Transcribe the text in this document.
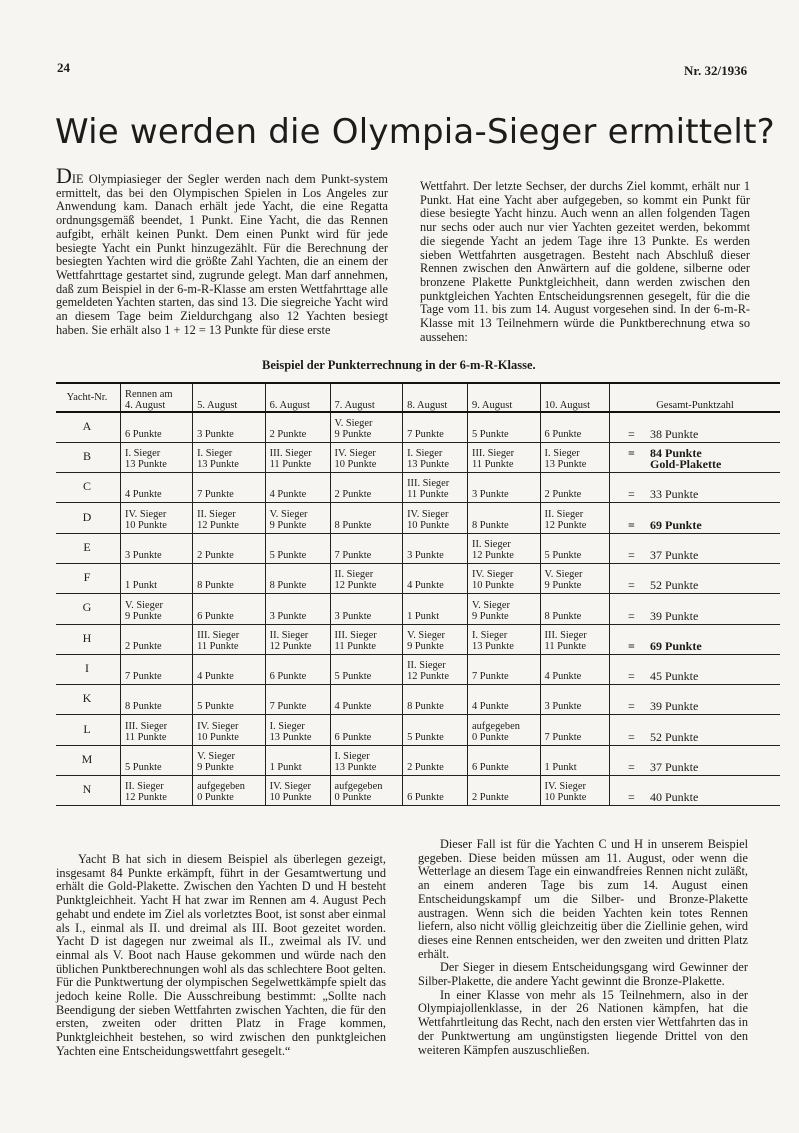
24	Nr. 32/1936
Wie werden die Olympia-Sieger ermittelt?

DIE Olympiasieger der Segler werden nach dem Punkt-system ermittelt, das bei den Olympischen Spielen in Los Angeles zur Anwendung kam. Danach erhält jede Yacht, die eine Regatta ordnungsgemäß beendet, 1 Punkt. Eine Yacht, die das Rennen aufgibt, erhält keinen Punkt. Dem einen Punkt wird für jede besiegte Yacht ein Punkt hinzugezählt. Für die Berechnung der besiegten Yachten wird die größte Zahl Yachten, die an einem der Wettfahrttage gestartet sind, zugrunde gelegt. Man darf annehmen, daß zum Beispiel in der 6-m-R-Klasse am ersten Wettfahrttage alle gemeldeten Yachten starten, das sind 13. Die siegreiche Yacht wird an diesem Tage beim Zieldurchgang also 12 Yachten besiegt haben. Sie erhält also 1 + 12 = 13 Punkte für diese erste

Wettfahrt. Der letzte Sechser, der durchs Ziel kommt, erhält nur 1 Punkt. Hat eine Yacht aber aufgegeben, so kommt ein Punkt für diese besiegte Yacht hinzu. Auch wenn an allen folgenden Tagen nur sechs oder auch nur vier Yachten gezeitet werden, bekommt die siegende Yacht an jedem Tage ihre 13 Punkte. Es werden sieben Wettfahrten ausgetragen. Besteht nach Abschluß dieser Rennen zwischen den Anwärtern auf die goldene, silberne oder bronzene Plakette Punktgleichheit, dann werden zwischen den punktgleichen Yachten Entscheidungsrennen gesegelt, für die die Tage vom 11. bis zum 14. August vorgesehen sind. In der 6-m-R-Klasse mit 13 Teilnehmern würde die Punktberechnung etwa so aussehen:

Beispiel der Punkterrechnung in der 6-m-R-Klasse.
Yacht-Nr.	Rennen am
4. August	5. August	6. August	7. August	8. August	9. August	10. August	Gesamt-Punktzahl
A	6 Punkte	3 Punkte	2 Punkte	V. Sieger
9 Punkte	7 Punkte	5 Punkte	6 Punkte	= 38 Punkte
B	I. Sieger
13 Punkte	I. Sieger
13 Punkte	III. Sieger
11 Punkte	IV. Sieger
10 Punkte	I. Sieger
13 Punkte	III. Sieger
11 Punkte	I. Sieger
13 Punkte	= 84 Punkte
Gold-Plakette
C	4 Punkte	7 Punkte	4 Punkte	2 Punkte	III. Sieger
11 Punkte	3 Punkte	2 Punkte	= 33 Punkte
D	IV. Sieger
10 Punkte	II. Sieger
12 Punkte	V. Sieger
9 Punkte	8 Punkte	IV. Sieger
10 Punkte	8 Punkte	II. Sieger
12 Punkte	= 69 Punkte
E	3 Punkte	2 Punkte	5 Punkte	7 Punkte	3 Punkte	II. Sieger
12 Punkte	5 Punkte	= 37 Punkte
F	1 Punkt	8 Punkte	8 Punkte	II. Sieger
12 Punkte	4 Punkte	IV. Sieger
10 Punkte	V. Sieger
9 Punkte	= 52 Punkte
G	V. Sieger
9 Punkte	6 Punkte	3 Punkte	3 Punkte	1 Punkt	V. Sieger
9 Punkte	8 Punkte	= 39 Punkte
H	2 Punkte	III. Sieger
11 Punkte	II. Sieger
12 Punkte	III. Sieger
11 Punkte	V. Sieger
9 Punkte	I. Sieger
13 Punkte	III. Sieger
11 Punkte	= 69 Punkte
I	7 Punkte	4 Punkte	6 Punkte	5 Punkte	II. Sieger
12 Punkte	7 Punkte	4 Punkte	= 45 Punkte
K	8 Punkte	5 Punkte	7 Punkte	4 Punkte	8 Punkte	4 Punkte	3 Punkte	= 39 Punkte
L	III. Sieger
11 Punkte	IV. Sieger
10 Punkte	I. Sieger
13 Punkte	6 Punkte	5 Punkte	aufgegeben
0 Punkte	7 Punkte	= 52 Punkte
M	5 Punkte	V. Sieger
9 Punkte	1 Punkt	I. Sieger
13 Punkte	2 Punkte	6 Punkte	1 Punkt	= 37 Punkte
N	II. Sieger
12 Punkte	aufgegeben
0 Punkte	IV. Sieger
10 Punkte	aufgegeben
0 Punkte	6 Punkte	2 Punkte	IV. Sieger
10 Punkte	= 40 Punkte

Yacht B hat sich in diesem Beispiel als überlegen gezeigt, insgesamt 84 Punkte erkämpft, führt in der Gesamtwertung und erhält die Gold-Plakette. Zwischen den Yachten D und H besteht Punktgleichheit. Yacht H hat zwar im Rennen am 4. August Pech gehabt und endete im Ziel als vorletztes Boot, ist sonst aber einmal als I., einmal als II. und dreimal als III. Boot gezeitet worden. Yacht D ist dagegen nur zweimal als II., zweimal als IV. und einmal als V. Boot nach Hause gekommen und würde nach den üblichen Punktberechnungen wohl als das schlechtere Boot gelten. Für die Punktwertung der olympischen Segelwettkämpfe spielt das jedoch keine Rolle. Die Ausschreibung bestimmt: „Sollte nach Beendigung der sieben Wettfahrten zwischen Yachten, die für den ersten, zweiten oder dritten Platz in Frage kommen, Punktgleichheit bestehen, so wird zwischen den punktgleichen Yachten eine Entscheidungswettfahrt gesegelt.“

Dieser Fall ist für die Yachten C und H in unserem Beispiel gegeben. Diese beiden müssen am 11. August, oder wenn die Wetterlage an diesem Tage ein einwandfreies Rennen nicht zuläßt, an einem anderen Tage bis zum 14. August einen Entscheidungskampf um die Silber- und Bronze-Plakette austragen. Wenn sich die beiden Yachten kein totes Rennen liefern, also nicht völlig gleichzeitig über die Ziellinie gehen, wird dieses eine Rennen entscheiden, wer den zweiten und dritten Platz erhält.

Der Sieger in diesem Entscheidungsgang wird Gewinner der Silber-Plakette, die andere Yacht gewinnt die Bronze-Plakette.

In einer Klasse von mehr als 15 Teilnehmern, also in der Olympiajollenklasse, in der 26 Nationen kämpfen, hat die Wettfahrtleitung das Recht, nach den ersten vier Wettfahrten das in der Punktwertung am ungünstigsten liegende Drittel von den weiteren Kämpfen auszuschließen.
